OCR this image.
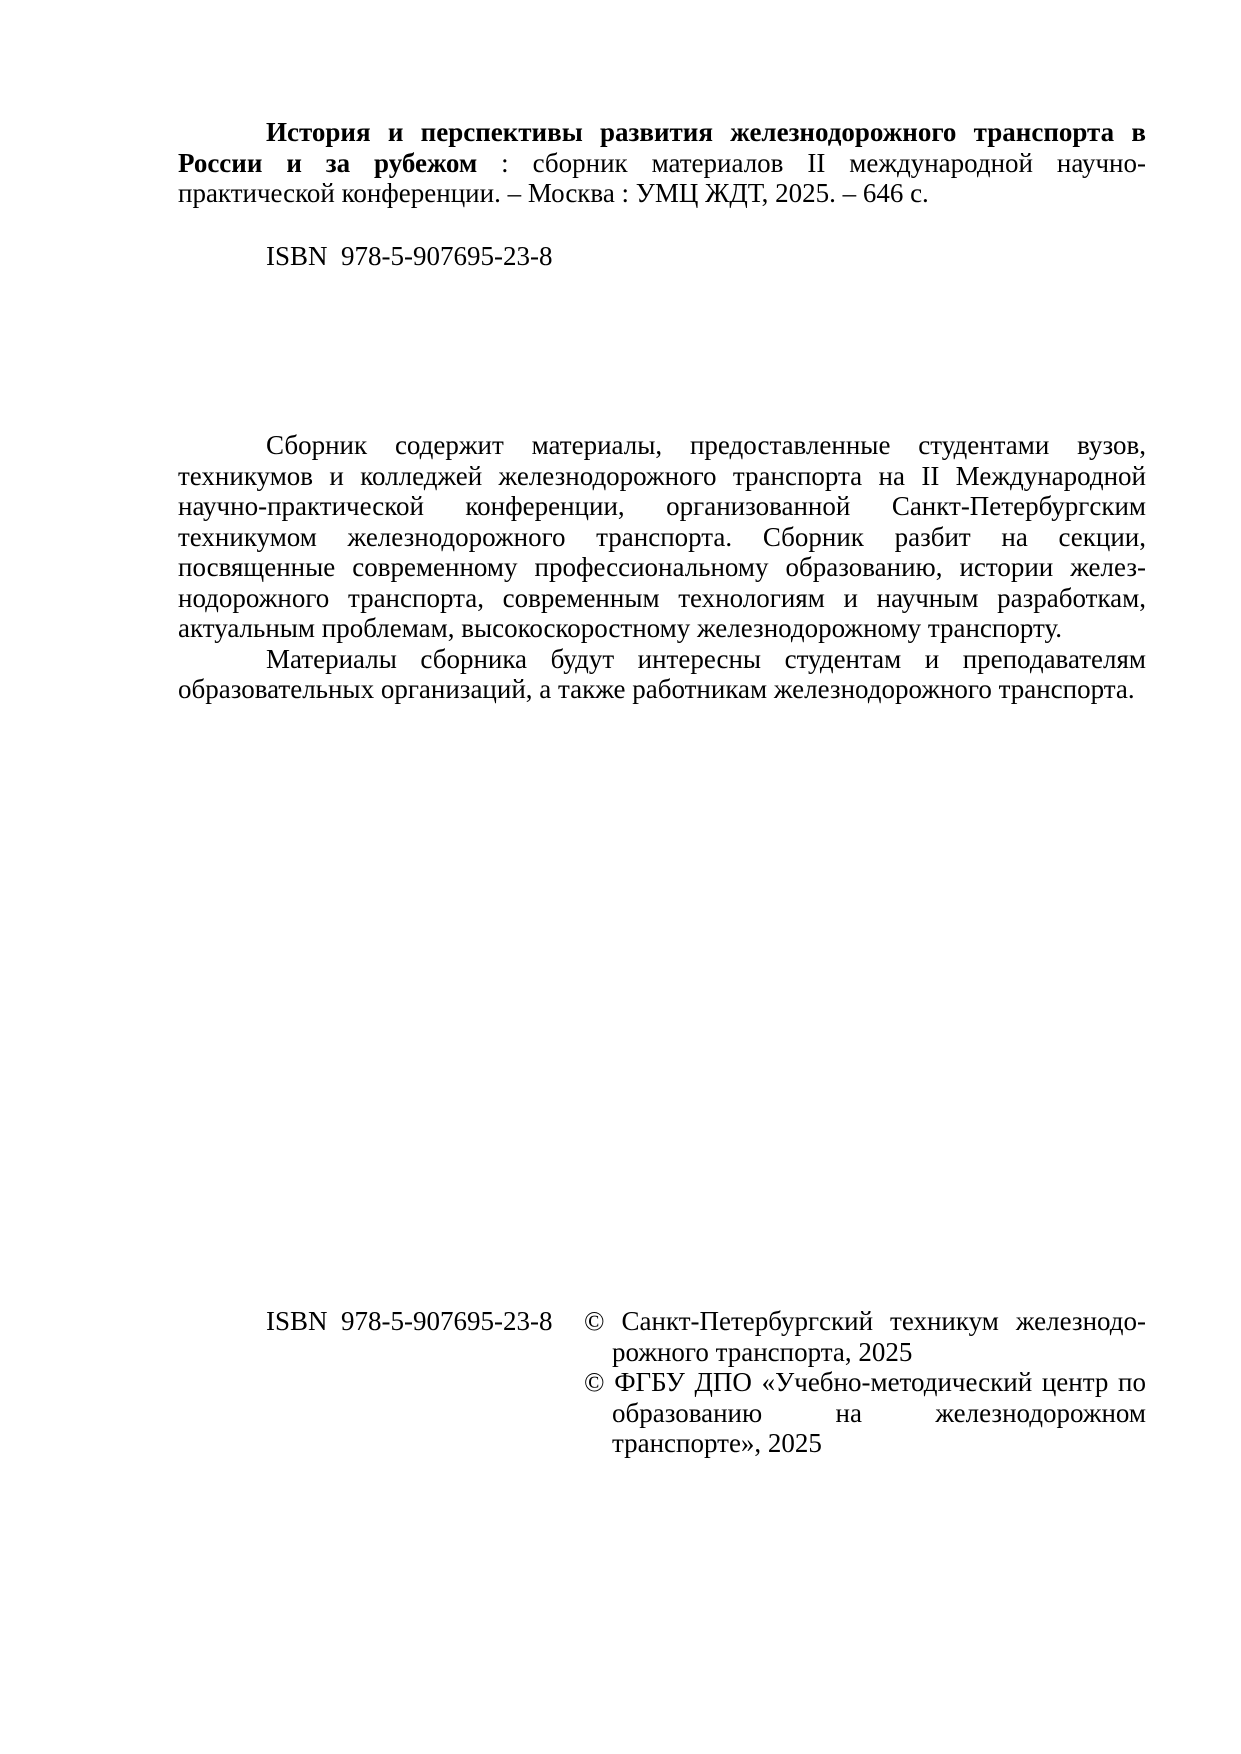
История и перспективы развития железнодорожного транспорта в России и за рубежом : сборник материалов II международной научно-практической конференции. – Москва : УМЦ ЖДТ, 2025. – 646 с.
ISBN  978-5-907695-23-8

Сборник содержит материалы, предоставленные студентами вузов, техникумов и колледжей железнодорожного транспорта на II Международной научно-практической конференции, организованной Санкт-Петербургским техникумом железнодорожного транспорта. Сборник разбит на секции, посвященные современному профессиональному образованию, истории железнодорожного транспорта, современным технологиям и научным разработкам, актуальным проблемам, высокоскоростному железнодорожному транспорту.

Материалы сборника будут интересны студентам и преподавателям образовательных организаций, а также работникам железнодорожного транспорта.

ISBN  978-5-907695-23-8 © Санкт-Петербургский техникум железнодорожного транспорта, 2025

© ФГБУ ДПО «Учебно-методический центр по образованию на железнодорожном транспорте», 2025
